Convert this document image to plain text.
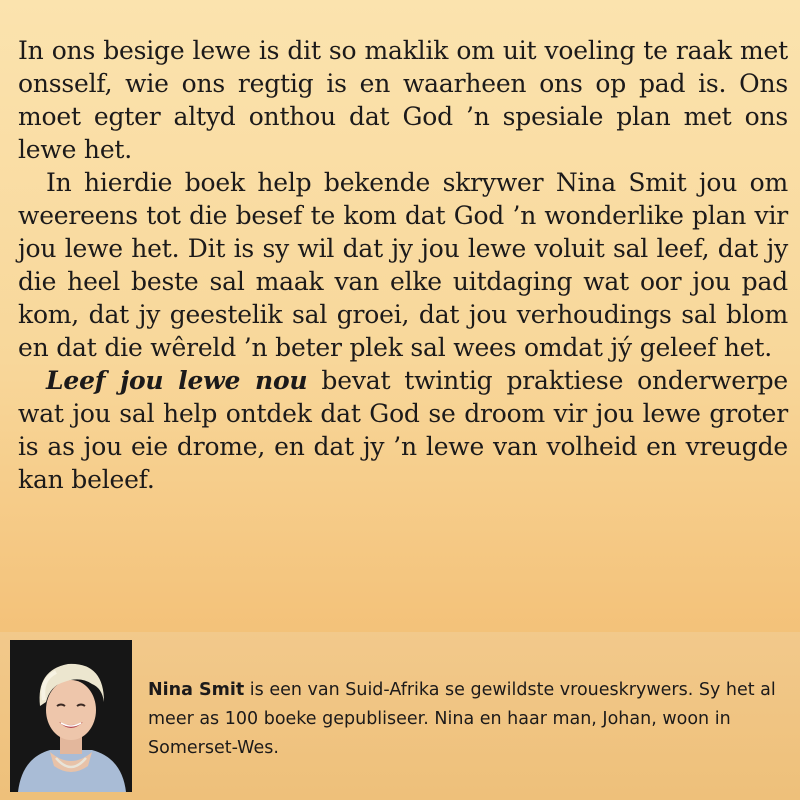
In ons besige lewe is dit so maklik om uit voeling te raak met onsself, wie ons regtig is en waarheen ons op pad is. Ons moet egter altyd onthou dat God ’n spesiale plan met ons lewe het.

In hierdie boek help bekende skrywer Nina Smit jou om weereens tot die besef te kom dat God ’n wonderlike plan vir jou lewe het. Dit is sy wil dat jy jou lewe voluit sal leef, dat jy die heel beste sal maak van elke uitdaging wat oor jou pad kom, dat jy geestelik sal groei, dat jou verhoudings sal blom en dat die wêreld ’n beter plek sal wees omdat jý geleef het.

Leef jou lewe nou bevat twintig praktiese onderwerpe wat jou sal help ontdek dat God se droom vir jou lewe groter is as jou eie drome, en dat jy ’n lewe van volheid en vreugde kan beleef.

Nina Smit is een van Suid-Afrika se gewildste vroueskrywers. Sy het al meer as 100 boeke gepubliseer. Nina en haar man, Johan, woon in Somerset-Wes.
